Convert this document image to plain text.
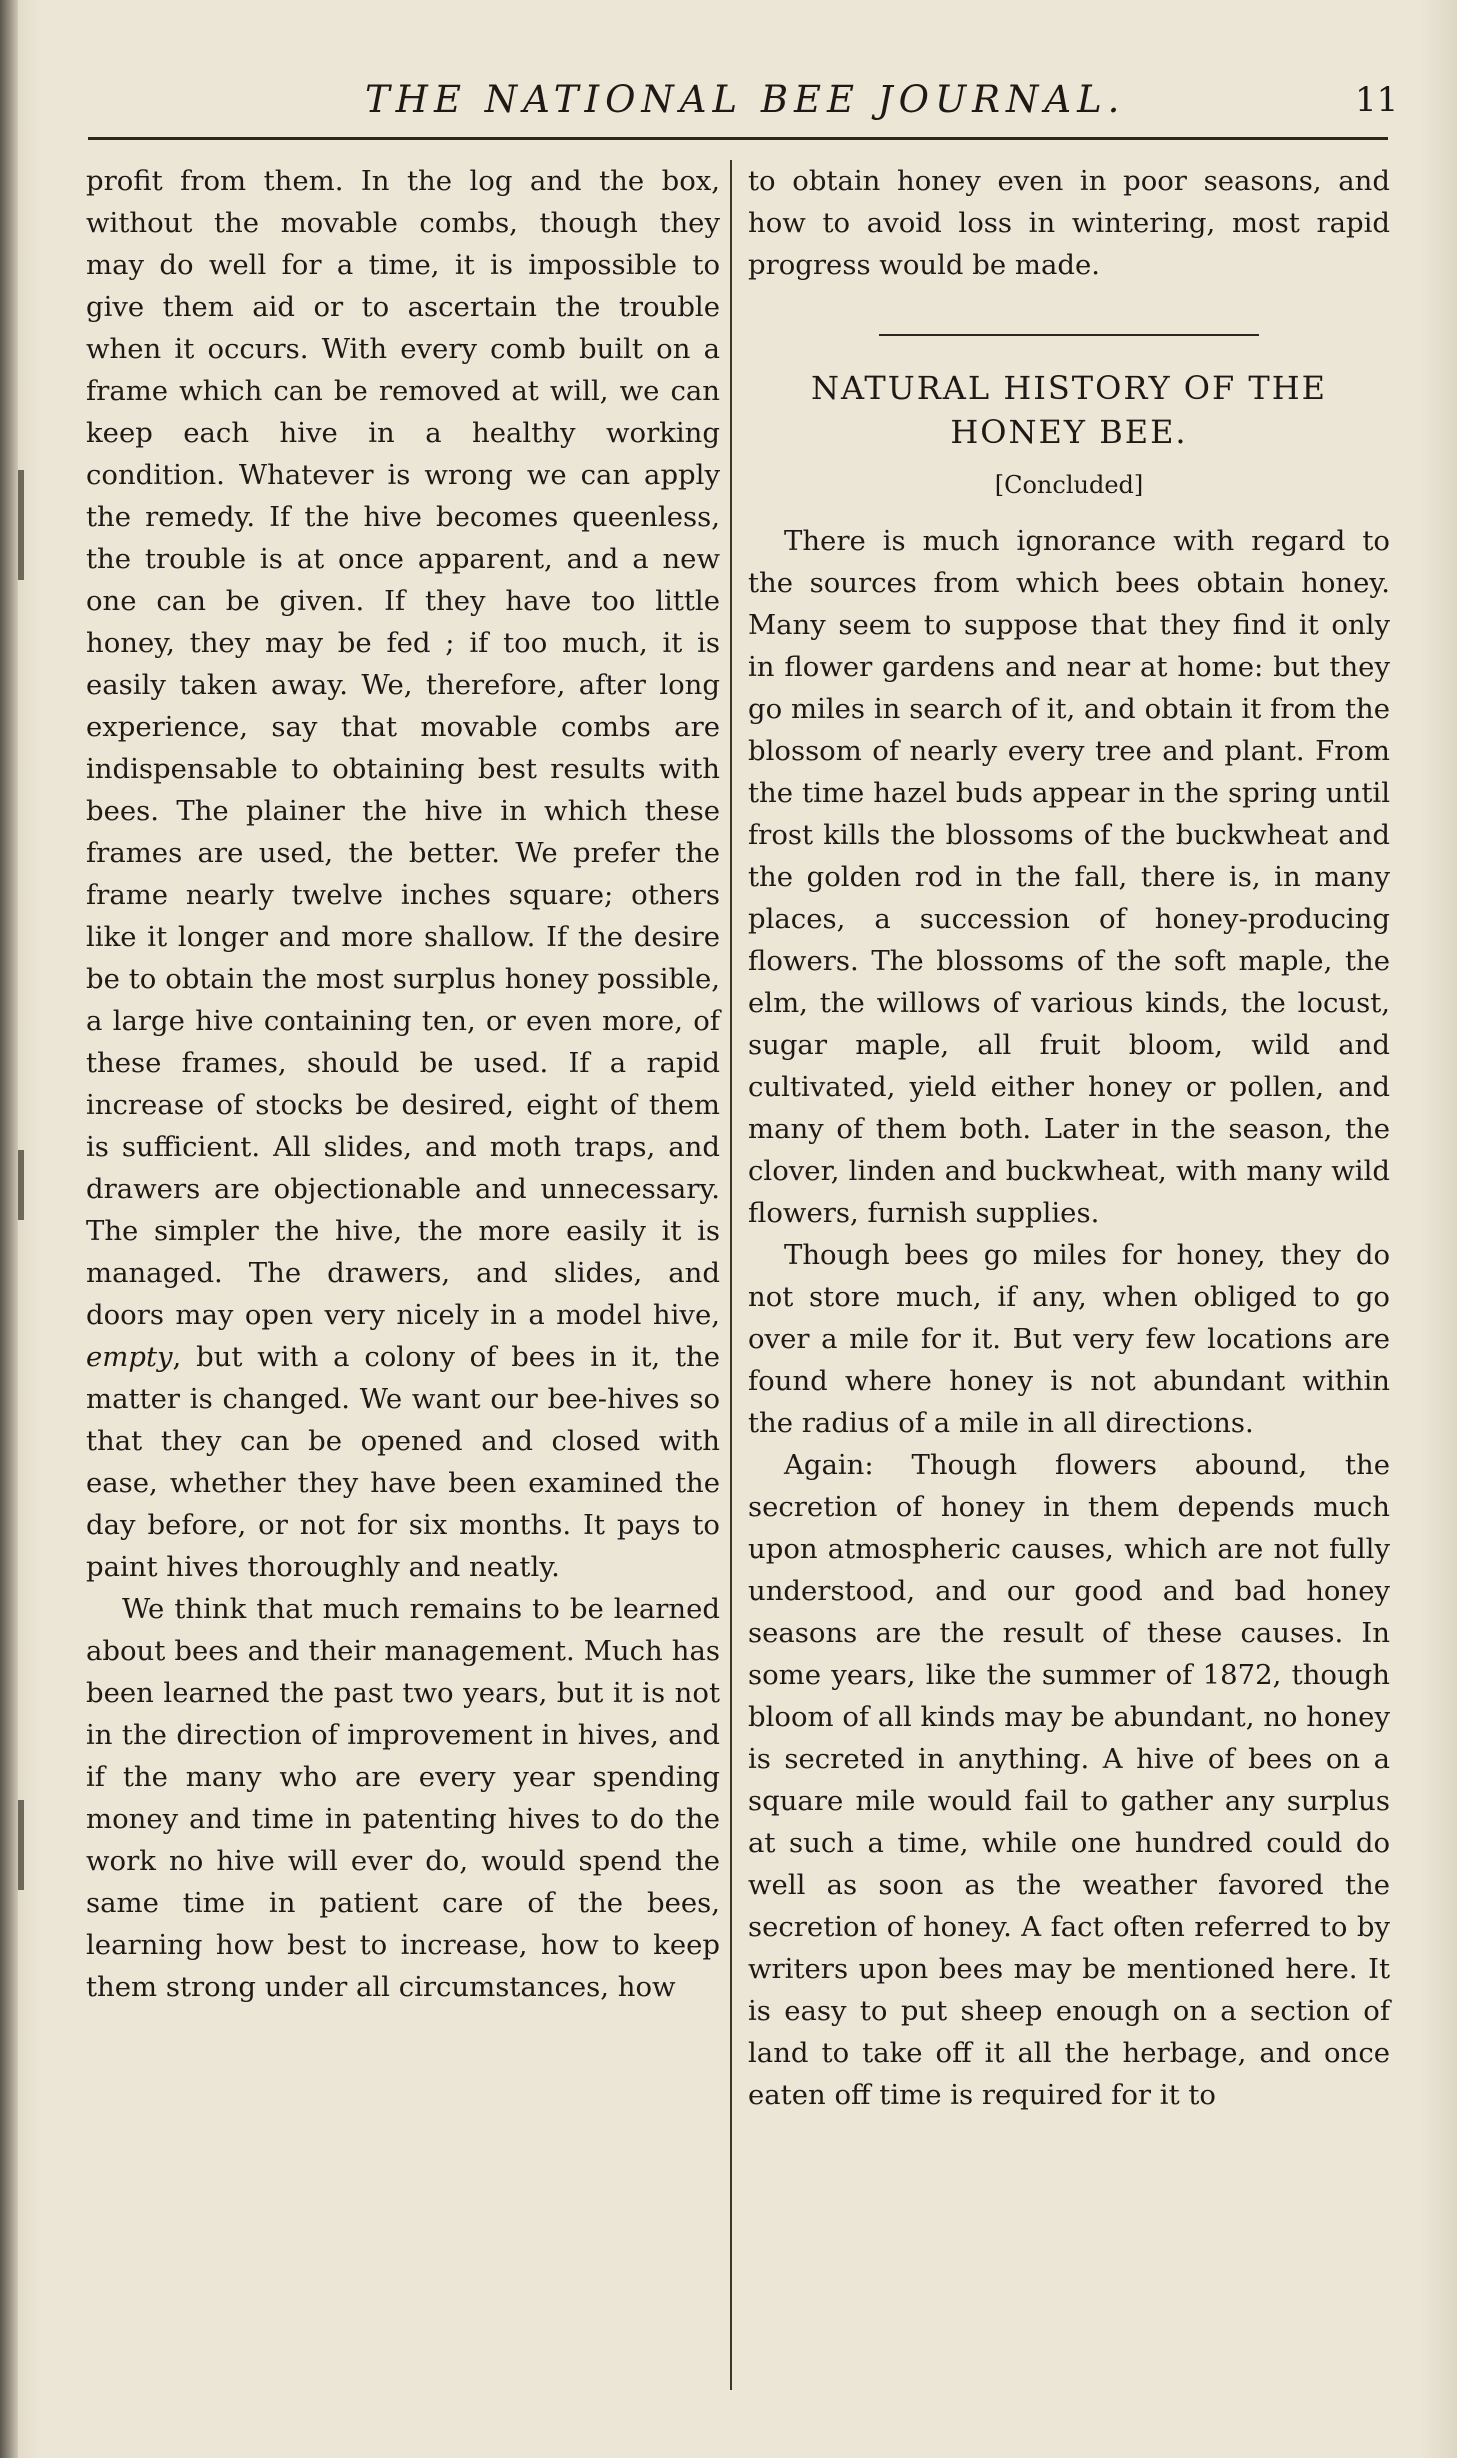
THE NATIONAL BEE JOURNAL.	11

profit from them. In the log and the box, without the movable combs, though they may do well for a time, it is impossible to give them aid or to ascertain the trouble when it occurs. With every comb built on a frame which can be removed at will, we can keep each hive in a healthy working condition. Whatever is wrong we can apply the remedy. If the hive becomes queenless, the trouble is at once apparent, and a new one can be given. If they have too little honey, they may be fed ; if too much, it is easily taken away. We, therefore, after long experience, say that movable combs are indispensable to obtaining best results with bees. The plainer the hive in which these frames are used, the better. We prefer the frame nearly twelve inches square; others like it longer and more shallow. If the desire be to obtain the most surplus honey possible, a large hive containing ten, or even more, of these frames, should be used. If a rapid increase of stocks be desired, eight of them is sufficient. All slides, and moth traps, and drawers are objectionable and unnecessary. The simpler the hive, the more easily it is managed. The drawers, and slides, and doors may open very nicely in a model hive, empty, but with a colony of bees in it, the matter is changed. We want our bee-hives so that they can be opened and closed with ease, whether they have been examined the day before, or not for six months. It pays to paint hives thoroughly and neatly.

We think that much remains to be learned about bees and their management. Much has been learned the past two years, but it is not in the direction of improvement in hives, and if the many who are every year spending money and time in patenting hives to do the work no hive will ever do, would spend the same time in patient care of the bees, learning how best to increase, how to keep them strong under all circumstances, how

to obtain honey even in poor seasons, and how to avoid loss in wintering, most rapid progress would be made.

NATURAL HISTORY OF THE HONEY BEE.
[Concluded]

There is much ignorance with regard to the sources from which bees obtain honey. Many seem to suppose that they find it only in flower gardens and near at home: but they go miles in search of it, and obtain it from the blossom of nearly every tree and plant. From the time hazel buds appear in the spring until frost kills the blossoms of the buckwheat and the golden rod in the fall, there is, in many places, a succession of honey-producing flowers. The blossoms of the soft maple, the elm, the willows of various kinds, the locust, sugar maple, all fruit bloom, wild and cultivated, yield either honey or pollen, and many of them both. Later in the season, the clover, linden and buckwheat, with many wild flowers, furnish supplies.

Though bees go miles for honey, they do not store much, if any, when obliged to go over a mile for it. But very few locations are found where honey is not abundant within the radius of a mile in all directions.

Again: Though flowers abound, the secretion of honey in them depends much upon atmospheric causes, which are not fully understood, and our good and bad honey seasons are the result of these causes. In some years, like the summer of 1872, though bloom of all kinds may be abundant, no honey is secreted in anything. A hive of bees on a square mile would fail to gather any surplus at such a time, while one hundred could do well as soon as the weather favored the secretion of honey. A fact often referred to by writers upon bees may be mentioned here. It is easy to put sheep enough on a section of land to take off it all the herbage, and once eaten off time is required for it to
